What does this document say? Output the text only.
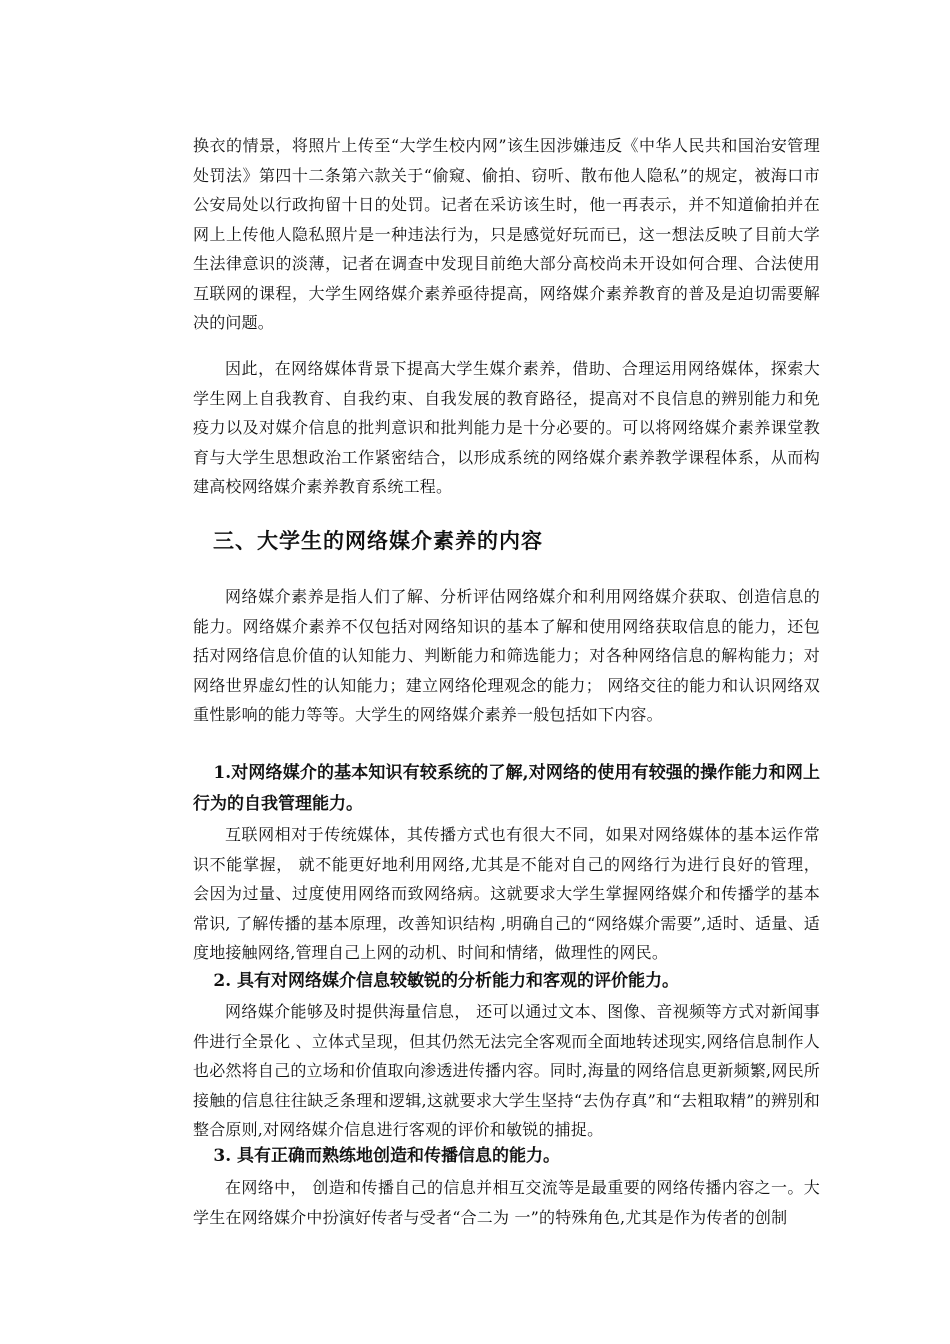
换衣的情景，将照片上传至“大学生校内网”该生因涉嫌违反《中华人民共和国治安管理处罚法》第四十二条第六款关于“偷窥、偷拍、窃听、散布他人隐私”的规定，被海口市公安局处以行政拘留十日的处罚。记者在采访该生时，他一再表示，并不知道偷拍并在网上上传他人隐私照片是一种违法行为，只是感觉好玩而已，这一想法反映了目前大学生法律意识的淡薄，记者在调查中发现目前绝大部分高校尚未开设如何合理、合法使用互联网的课程，大学生网络媒介素养亟待提高，网络媒介素养教育的普及是迫切需要解决的问题。

因此，在网络媒体背景下提高大学生媒介素养，借助、合理运用网络媒体，探索大学生网上自我教育、自我约束、自我发展的教育路径，提高对不良信息的辨别能力和免疫力以及对媒介信息的批判意识和批判能力是十分必要的。可以将网络媒介素养课堂教育与大学生思想政治工作紧密结合，以形成系统的网络媒介素养教学课程体系，从而构建高校网络媒介素养教育系统工程。

三、大学生的网络媒介素养的内容

网络媒介素养是指人们了解、分析评估网络媒介和利用网络媒介获取、创造信息的能力。网络媒介素养不仅包括对网络知识的基本了解和使用网络获取信息的能力，还包括对网络信息价值的认知能力、判断能力和筛选能力；对各种网络信息的解构能力；对网络世界虚幻性的认知能力；建立网络伦理观念的能力； 网络交往的能力和认识网络双重性影响的能力等等。大学生的网络媒介素养一般包括如下内容。

1.对网络媒介的基本知识有较系统的了解,对网络的使用有较强的操作能力和网上行为的自我管理能力。

互联网相对于传统媒体，其传播方式也有很大不同，如果对网络媒体的基本运作常识不能掌握， 就不能更好地利用网络,尤其是不能对自己的网络行为进行良好的管理， 会因为过量、过度使用网络而致网络病。这就要求大学生掌握网络媒介和传播学的基本常识, 了解传播的基本原理，改善知识结构 ,明确自己的“网络媒介需要”,适时、适量、适度地接触网络,管理自己上网的动机、时间和情绪，做理性的网民。

2. 具有对网络媒介信息较敏锐的分析能力和客观的评价能力。

网络媒介能够及时提供海量信息， 还可以通过文本、图像、音视频等方式对新闻事件进行全景化 、立体式呈现，但其仍然无法完全客观而全面地转述现实,网络信息制作人也必然将自己的立场和价值取向渗透进传播内容。同时,海量的网络信息更新频繁,网民所接触的信息往往缺乏条理和逻辑,这就要求大学生坚持“去伪存真”和“去粗取精”的辨别和整合原则,对网络媒介信息进行客观的评价和敏锐的捕捉。

3. 具有正确而熟练地创造和传播信息的能力。

在网络中， 创造和传播自己的信息并相互交流等是最重要的网络传播内容之一。大学生在网络媒介中扮演好传者与受者“合二为 一”的特殊角色,尤其是作为传者的创制
